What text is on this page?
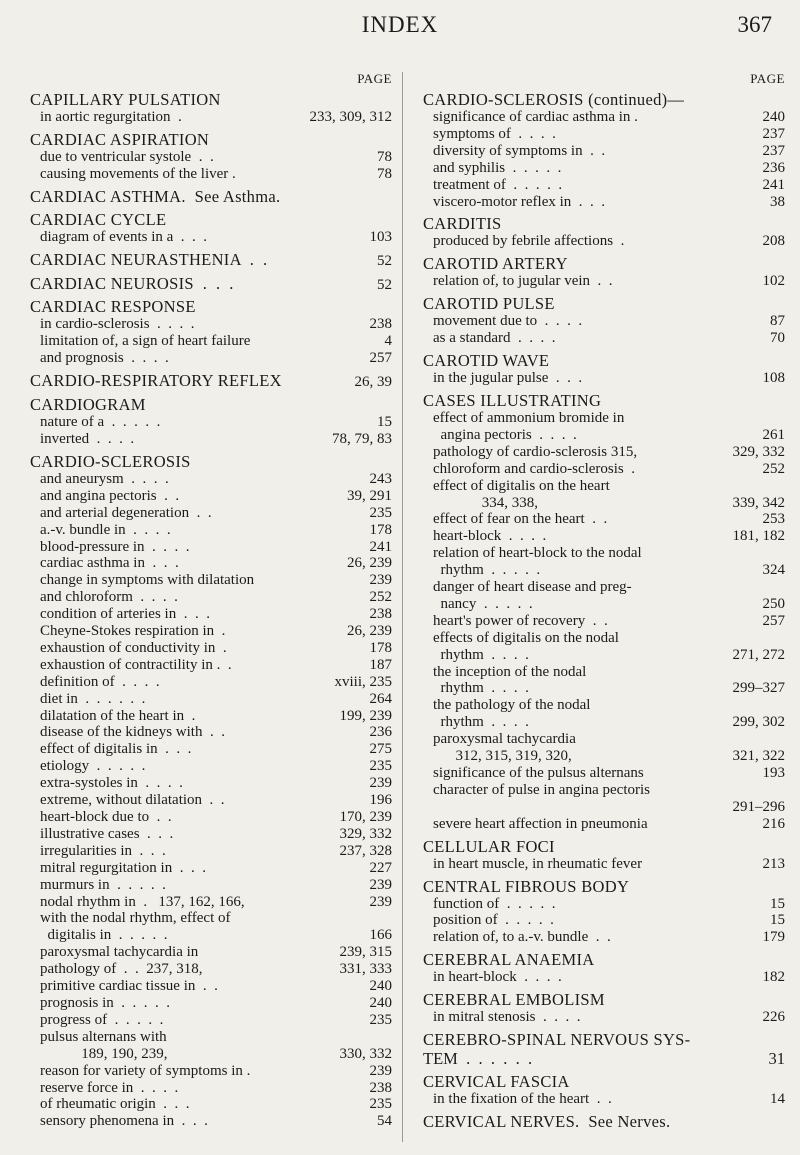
INDEX	367
PAGE
CAPILLARY PULSATION
in aortic regurgitation  .	233, 309, 312
CARDIAC ASPIRATION
due to ventricular systole  .  .	78
causing movements of the liver .	78
CARDIAC ASTHMA.  See Asthma.
CARDIAC CYCLE
diagram of events in a  .  .  .	103
CARDIAC NEURASTHENIA  .  .	52
CARDIAC NEUROSIS  .  .  .	52
CARDIAC RESPONSE
in cardio-sclerosis  .  .  .  .	238
limitation of, a sign of heart failure	4
and prognosis  .  .  .  .	257
CARDIO-RESPIRATORY REFLEX	26, 39
CARDIOGRAM
nature of a  .  .  .  .  .	15
inverted  .  .  .  .	78, 79, 83
CARDIO-SCLEROSIS
and aneurysm  .  .  .  .	243
and angina pectoris  .  .	39, 291
and arterial degeneration  .  .	235
a.-v. bundle in  .  .  .  .	178
blood-pressure in  .  .  .  .	241
cardiac asthma in  .  .  .	26, 239
change in symptoms with dilatation	239
and chloroform  .  .  .  .	252
condition of arteries in  .  .  .	238
Cheyne-Stokes respiration in  .	26, 239
exhaustion of conductivity in  .	178
exhaustion of contractility in .  .	187
definition of  .  .  .  .	xviii, 235
diet in  .  .  .  .  .  .	264
dilatation of the heart in  .	199, 239
disease of the kidneys with  .  .	236
effect of digitalis in  .  .  .	275
etiology  .  .  .  .  .	235
extra-systoles in  .  .  .  .	239
extreme, without dilatation  .  .	196
heart-block due to  .  .	170, 239
illustrative cases  .  .  .	329, 332
irregularities in  .  .  .	237, 328
mitral regurgitation in  .  .  .	227
murmurs in  .  .  .  .  .	239
nodal rhythm in  .   137, 162, 166,	239
with the nodal rhythm, effect of
digitalis in  .  .  .  .  .	166
paroxysmal tachycardia in	239, 315
pathology of  .  .  237, 318,	331, 333
primitive cardiac tissue in  .  .	240
prognosis in  .  .  .  .  .	240
progress of  .  .  .  .  .	235
pulsus alternans with
189, 190, 239,	330, 332
reason for variety of symptoms in .	239
reserve force in  .  .  .  .	238
of rheumatic origin  .  .  .	235
sensory phenomena in  .  .  .	54
PAGE
CARDIO-SCLEROSIS (continued)—
significance of cardiac asthma in .	240
symptoms of  .  .  .  .	237
diversity of symptoms in  .  .	237
and syphilis  .  .  .  .  .	236
treatment of  .  .  .  .  .	241
viscero-motor reflex in  .  .  .	38
CARDITIS
produced by febrile affections  .	208
CAROTID ARTERY
relation of, to jugular vein  .  .	102
CAROTID PULSE
movement due to  .  .  .  .	87
as a standard  .  .  .  .	70
CAROTID WAVE
in the jugular pulse  .  .  .	108
CASES ILLUSTRATING
effect of ammonium bromide in
angina pectoris  .  .  .  .	261
pathology of cardio-sclerosis 315,	329, 332
chloroform and cardio-sclerosis  .	252
effect of digitalis on the heart
334, 338,	339, 342
effect of fear on the heart  .  .	253
heart-block  .  .  .  .	181, 182
relation of heart-block to the nodal
rhythm  .  .  .  .  .	324
danger of heart disease and preg-
nancy  .  .  .  .  .	250
heart's power of recovery  .  .	257
effects of digitalis on the nodal
rhythm  .  .  .  .	271, 272
the inception of the nodal
rhythm  .  .  .  .	299–327
the pathology of the nodal
rhythm  .  .  .  .	299, 302
paroxysmal tachycardia
312, 315, 319, 320,	321, 322
significance of the pulsus alternans	193
character of pulse in angina pectoris
291–296
severe heart affection in pneumonia	216
CELLULAR FOCI
in heart muscle, in rheumatic fever	213
CENTRAL FIBROUS BODY
function of  .  .  .  .  .	15
position of  .  .  .  .  .	15
relation of, to a.-v. bundle  .  .	179
CEREBRAL ANAEMIA
in heart-block  .  .  .  .	182
CEREBRAL EMBOLISM
in mitral stenosis  .  .  .  .	226
CEREBRO-SPINAL NERVOUS SYS-
TEM  .  .  .  .  .  .	31
CERVICAL FASCIA
in the fixation of the heart  .  .	14
CERVICAL NERVES.  See Nerves.
